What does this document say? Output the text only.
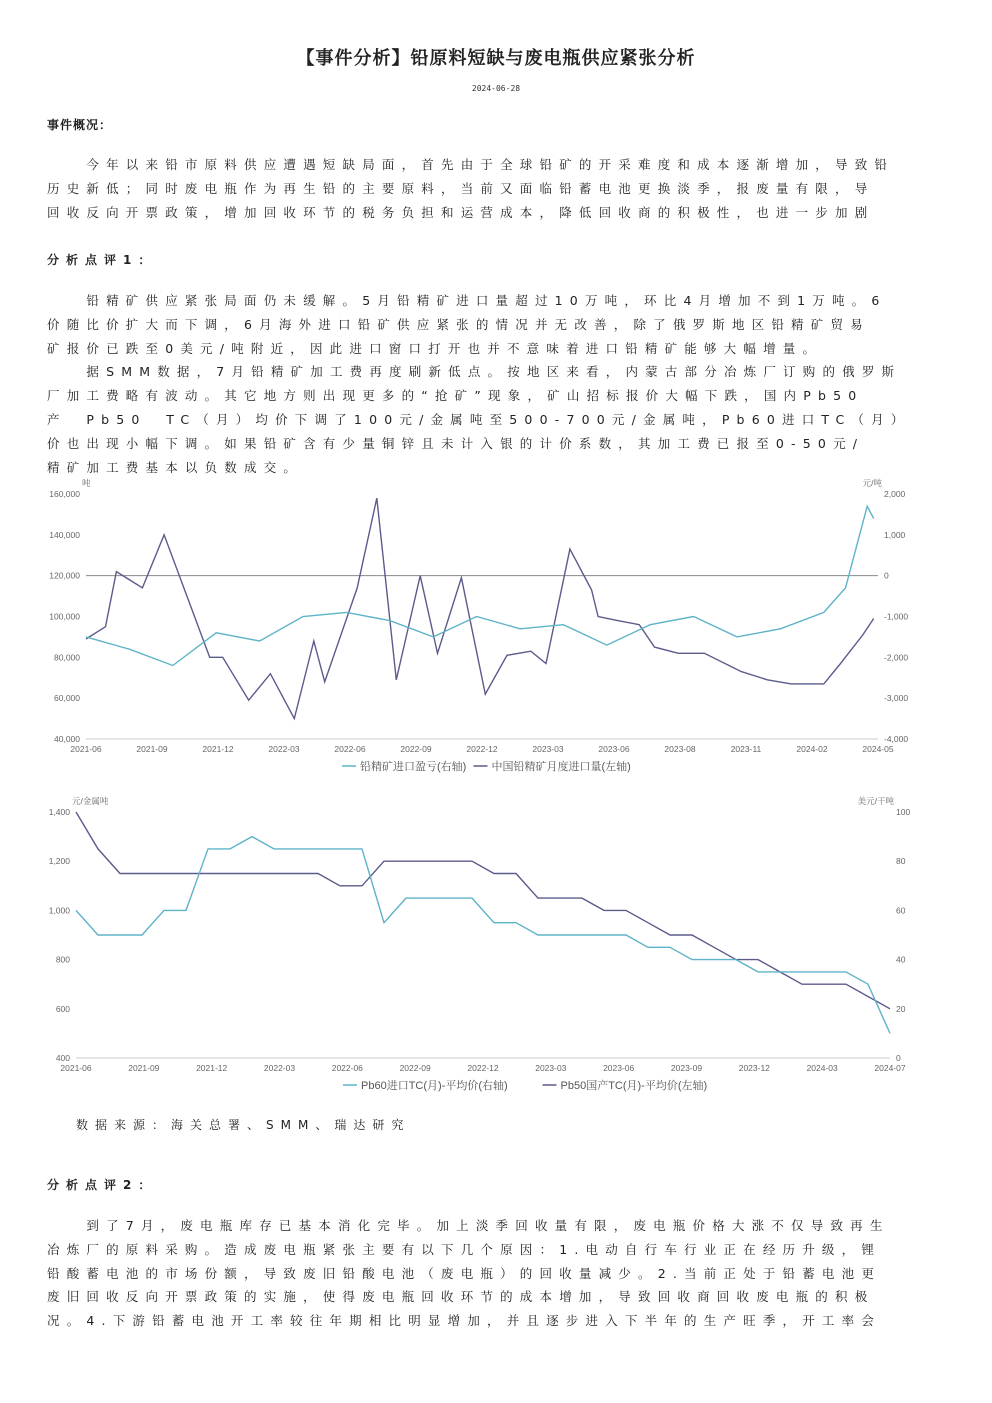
【事件分析】铅原料短缺与废电瓶供应紧张分析
2024-06-28
事件概况：
　　今年以来铅市原料供应遭遇短缺局面，首先由于全球铅矿的开采难度和成本逐渐增加，导致铅
历史新低；同时废电瓶作为再生铅的主要原料，当前又面临铅蓄电池更换淡季，报废量有限，导
回收反向开票政策，增加回收环节的税务负担和运营成本，降低回收商的积极性，也进一步加剧
分析点评1：
　　铅精矿供应紧张局面仍未缓解。5月铅精矿进口量超过10万吨，环比4月增加不到1万吨。6
价随比价扩大而下调，6月海外进口铅矿供应紧张的情况并无改善，除了俄罗斯地区铅精矿贸易
矿报价已跌至0美元/吨附近，因此进口窗口打开也并不意味着进口铅精矿能够大幅增量。
　　据SMM数据，7月铅精矿加工费再度刷新低点。按地区来看，内蒙古部分冶炼厂订购的俄罗斯
厂加工费略有波动。其它地方则出现更多的“抢矿”现象，矿山招标报价大幅下跌，国内Pb50
产　Pb50　TC（月）均价下调了100元/金属吨至500-700元/金属吨，Pb60进口TC（月）
价也出现小幅下调。如果铅矿含有少量铜锌且未计入银的计价系数，其加工费已报至0-50元/
精矿加工费基本以负数成交。
吨	元/吨
160,000
140,000
120,000
100,000
80,000
60,000
40,000
2,000
1,000
0
-1,000
-2,000
-3,000
-4,000
2021-06	2021-09	2021-12	2022-03	2022-06	2022-09	2022-12	2023-03	2023-06	2023-08	2023-11	2024-02	2024-05
铅精矿进口盈亏(右轴) 中国铅精矿月度进口量(左轴)
元/金属吨	美元/干吨
1,400
1,200
1,000
800
600
400
100
80
60
40
20
0
2021-06	2021-09	2021-12	2022-03	2022-06	2022-09	2022-12	2023-03	2023-06	2023-09	2023-12	2024-03	2024-07
Pb60进口TC(月)-平均价(右轴)	Pb50国产TC(月)-平均价(左轴)
数据来源：海关总署、SMM、瑞达研究
分析点评2：
　　到了7月，废电瓶库存已基本消化完毕。加上淡季回收量有限，废电瓶价格大涨不仅导致再生
冶炼厂的原料采购。造成废电瓶紧张主要有以下几个原因：1.电动自行车行业正在经历升级，锂
铅酸蓄电池的市场份额，导致废旧铅酸电池（废电瓶）的回收量减少。2.当前正处于铅蓄电池更
废旧回收反向开票政策的实施，使得废电瓶回收环节的成本增加，导致回收商回收废电瓶的积极
况。4.下游铅蓄电池开工率较往年期相比明显增加，并且逐步进入下半年的生产旺季，开工率会
